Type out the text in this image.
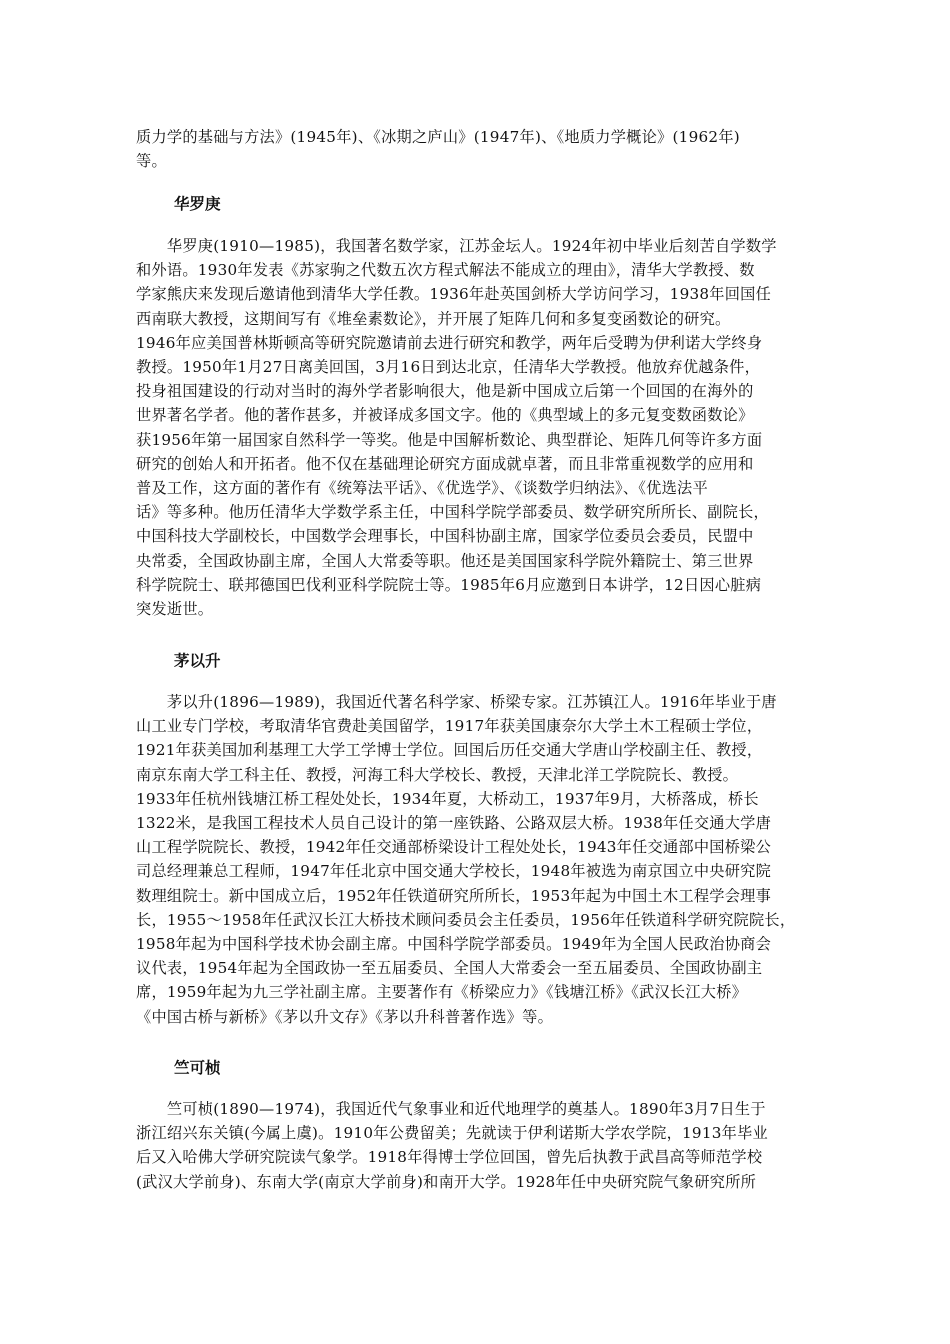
质力学的基础与方法》(1945年)、《冰期之庐山》(1947年)、《地质力学概论》(1962年)
等。
华罗庚
　　华罗庚(1910—1985)，我国著名数学家，江苏金坛人。1924年初中毕业后刻苦自学数学
和外语。1930年发表《苏家驹之代数五次方程式解法不能成立的理由》，清华大学教授、数
学家熊庆来发现后邀请他到清华大学任教。1936年赴英国剑桥大学访问学习，1938年回国任
西南联大教授，这期间写有《堆垒素数论》，并开展了矩阵几何和多复变函数论的研究。
1946年应美国普林斯顿高等研究院邀请前去进行研究和教学，两年后受聘为伊利诺大学终身
教授。1950年1月27日离美回国，3月16日到达北京，任清华大学教授。他放弃优越条件，
投身祖国建设的行动对当时的海外学者影响很大，他是新中国成立后第一个回国的在海外的
世界著名学者。他的著作甚多，并被译成多国文字。他的《典型域上的多元复变数函数论》
获1956年第一届国家自然科学一等奖。他是中国解析数论、典型群论、矩阵几何等许多方面
研究的创始人和开拓者。他不仅在基础理论研究方面成就卓著，而且非常重视数学的应用和
普及工作，这方面的著作有《统筹法平话》、《优选学》、《谈数学归纳法》、《优选法平
话》等多种。他历任清华大学数学系主任，中国科学院学部委员、数学研究所所长、副院长，
中国科技大学副校长，中国数学会理事长，中国科协副主席，国家学位委员会委员，民盟中
央常委，全国政协副主席，全国人大常委等职。他还是美国国家科学院外籍院士、第三世界
科学院院士、联邦德国巴伐利亚科学院院士等。1985年6月应邀到日本讲学，12日因心脏病
突发逝世。
茅以升
　　茅以升(1896—1989)，我国近代著名科学家、桥梁专家。江苏镇江人。1916年毕业于唐
山工业专门学校，考取清华官费赴美国留学，1917年获美国康奈尔大学土木工程硕士学位，
1921年获美国加利基理工大学工学博士学位。回国后历任交通大学唐山学校副主任、教授，
南京东南大学工科主任、教授，河海工科大学校长、教授，天津北洋工学院院长、教授。
1933年任杭州钱塘江桥工程处处长，1934年夏，大桥动工，1937年9月，大桥落成，桥长
1322米，是我国工程技术人员自己设计的第一座铁路、公路双层大桥。1938年任交通大学唐
山工程学院院长、教授，1942年任交通部桥梁设计工程处处长，1943年任交通部中国桥梁公
司总经理兼总工程师，1947年任北京中国交通大学校长，1948年被选为南京国立中央研究院
数理组院士。新中国成立后，1952年任铁道研究所所长，1953年起为中国土木工程学会理事
长，1955～1958年任武汉长江大桥技术顾问委员会主任委员，1956年任铁道科学研究院院长，
1958年起为中国科学技术协会副主席。中国科学院学部委员。1949年为全国人民政治协商会
议代表，1954年起为全国政协一至五届委员、全国人大常委会一至五届委员、全国政协副主
席，1959年起为九三学社副主席。主要著作有《桥梁应力》《钱塘江桥》《武汉长江大桥》
《中国古桥与新桥》《茅以升文存》《茅以升科普著作选》等。
竺可桢
　　竺可桢(1890—1974)，我国近代气象事业和近代地理学的奠基人。1890年3月7日生于
浙江绍兴东关镇(今属上虞)。1910年公费留美；先就读于伊利诺斯大学农学院，1913年毕业
后又入哈佛大学研究院读气象学。1918年得博士学位回国，曾先后执教于武昌高等师范学校
(武汉大学前身)、东南大学(南京大学前身)和南开大学。1928年任中央研究院气象研究所所
